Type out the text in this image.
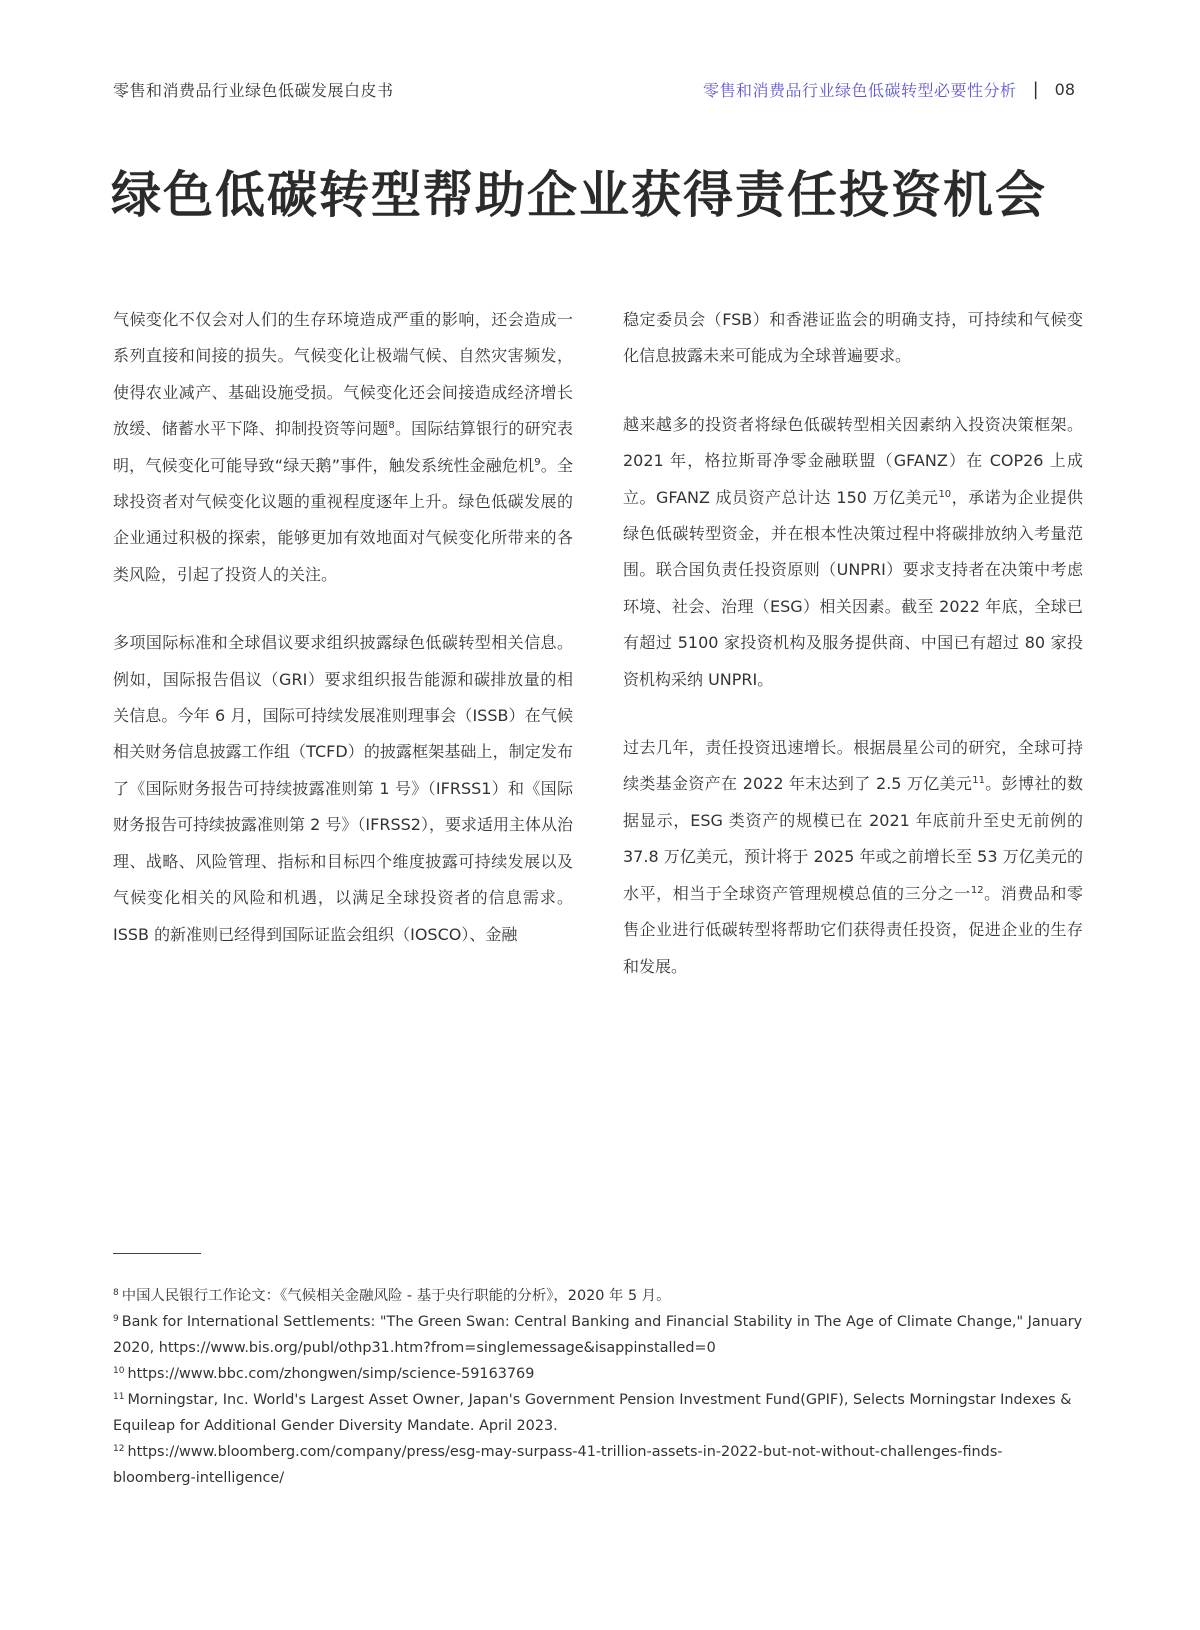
零售和消费品行业绿色低碳发展白皮书	零售和消费品行业绿色低碳转型必要性分析 | 08
绿色低碳转型帮助企业获得责任投资机会

气候变化不仅会对人们的生存环境造成严重的影响，还会造成一系列直接和间接的损失。气候变化让极端气候、自然灾害频发，使得农业减产、基础设施受损。气候变化还会间接造成经济增长放缓、储蓄水平下降、抑制投资等问题$^8$。国际结算银行的研究表明，气候变化可能导致“绿天鹅”事件，触发系统性金融危机$^9$。全球投资者对气候变化议题的重视程度逐年上升。绿色低碳发展的企业通过积极的探索，能够更加有效地面对气候变化所带来的各类风险，引起了投资人的关注。

多项国际标准和全球倡议要求组织披露绿色低碳转型相关信息。例如，国际报告倡议（GRI）要求组织报告能源和碳排放量的相关信息。今年 6 月，国际可持续发展准则理事会（ISSB）在气候相关财务信息披露工作组（TCFD）的披露框架基础上，制定发布了《国际财务报告可持续披露准则第 1 号》（IFRSS1）和《国际财务报告可持续披露准则第 2 号》（IFRSS2），要求适用主体从治理、战略、风险管理、指标和目标四个维度披露可持续发展以及气候变化相关的风险和机遇，以满足全球投资者的信息需求。ISSB 的新准则已经得到国际证监会组织（IOSCO）、金融

稳定委员会（FSB）和香港证监会的明确支持，可持续和气候变化信息披露未来可能成为全球普遍要求。

越来越多的投资者将绿色低碳转型相关因素纳入投资决策框架。2021 年，格拉斯哥净零金融联盟（GFANZ）在 COP26 上成立。GFANZ 成员资产总计达 150 万亿美元$^{10}$，承诺为企业提供绿色低碳转型资金，并在根本性决策过程中将碳排放纳入考量范围。联合国负责任投资原则（UNPRI）要求支持者在决策中考虑环境、社会、治理（ESG）相关因素。截至 2022 年底，全球已有超过 5100 家投资机构及服务提供商、中国已有超过 80 家投资机构采纳 UNPRI。

过去几年，责任投资迅速增长。根据晨星公司的研究，全球可持续类基金资产在 2022 年末达到了 2.5 万亿美元$^{11}$。彭博社的数据显示，ESG 类资产的规模已在 2021 年底前升至史无前例的 37.8 万亿美元，预计将于 2025 年或之前增长至 53 万亿美元的水平，相当于全球资产管理规模总值的三分之一$^{12}$。消费品和零售企业进行低碳转型将帮助它们获得责任投资，促进企业的生存和发展。

$^8$ 中国人民银行工作论文：《气候相关金融风险 - 基于央行职能的分析》，2020 年 5 月。

$^9$ Bank for International Settlements: "The Green Swan: Central Banking and Financial Stability in The Age of Climate Change," January 2020, https://www.bis.org/publ/othp31.htm?from=singlemessage&isappinstalled=0

$^{10}$ https://www.bbc.com/zhongwen/simp/science-59163769

$^{11}$ Morningstar, Inc. World's Largest Asset Owner, Japan's Government Pension Investment Fund(GPIF), Selects Morningstar Indexes & Equileap for Additional Gender Diversity Mandate. April 2023.

$^{12}$ https://www.bloomberg.com/company/press/esg-may-surpass-41-trillion-assets-in-2022-but-not-without-challenges-finds-bloomberg-intelligence/
